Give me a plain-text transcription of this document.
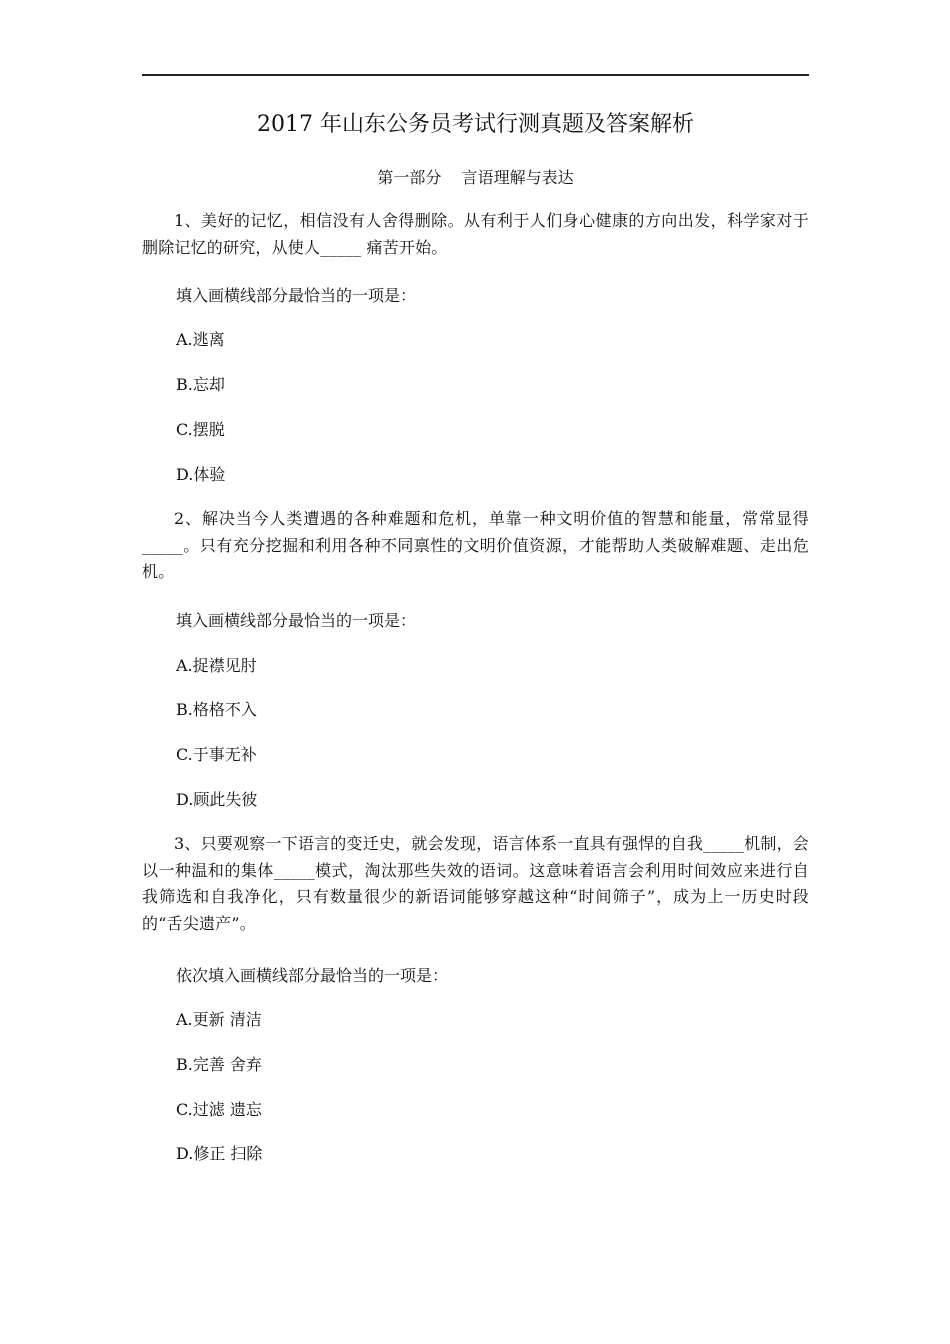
2017 年山东公务员考试行测真题及答案解析

第一部分    言语理解与表达

1、美好的记忆，相信没有人舍得删除。从有利于人们身心健康的方向出发，科学家对于删除记忆的研究，从使人_____ 痛苦开始。

填入画横线部分最恰当的一项是：

A.逃离

B.忘却

C.摆脱

D.体验

2、解决当今人类遭遇的各种难题和危机，单靠一种文明价值的智慧和能量，常常显得_____。只有充分挖掘和利用各种不同禀性的文明价值资源，才能帮助人类破解难题、走出危机。

填入画横线部分最恰当的一项是：

A.捉襟见肘

B.格格不入

C.于事无补

D.顾此失彼

3、只要观察一下语言的变迁史，就会发现，语言体系一直具有强悍的自我_____机制，会以一种温和的集体_____模式，淘汰那些失效的语词。这意味着语言会利用时间效应来进行自我筛选和自我净化，只有数量很少的新语词能够穿越这种“时间筛子”，成为上一历史时段的“舌尖遗产”。

依次填入画横线部分最恰当的一项是：

A.更新 清洁

B.完善 舍弃

C.过滤 遗忘

D.修正 扫除
